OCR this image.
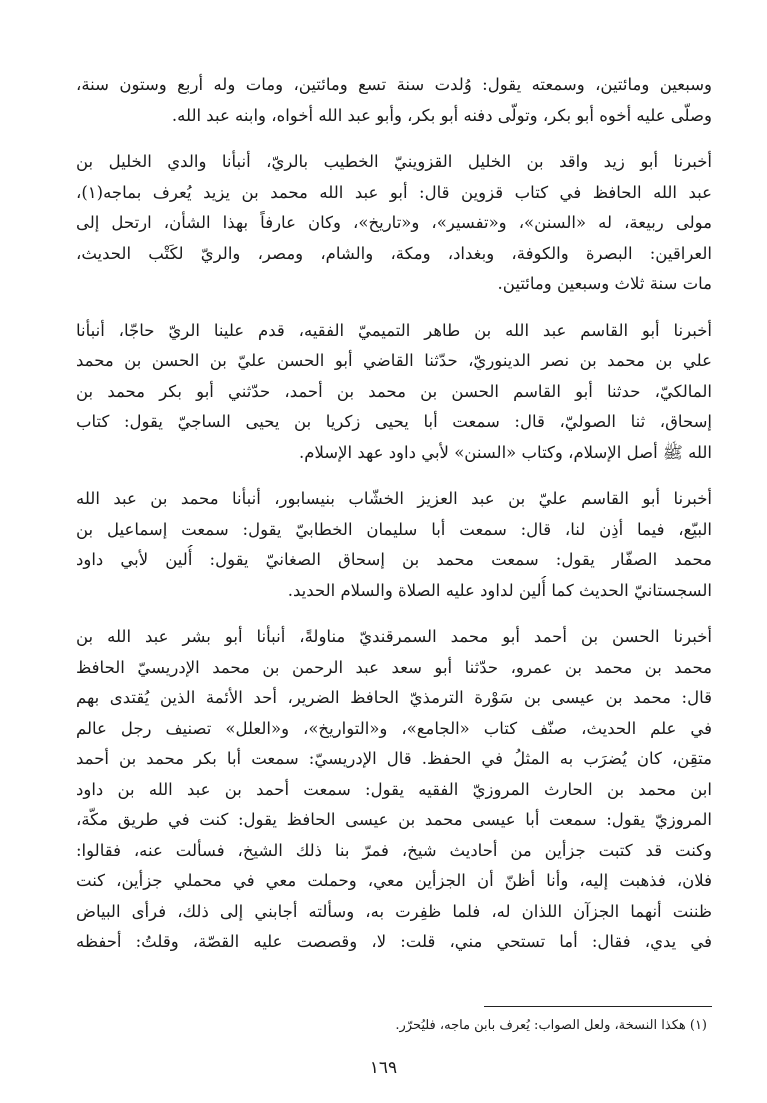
وسبعين ومائتين، وسمعته يقول: وُلدت سنة تسع ومائتين، ومات وله أربع وستون سنة،
وصلّى عليه أخوه أبو بكر، وتولّى دفنه أبو بكر، وأبو عبد الله أخواه، وابنه عبد الله.

أخبرنا أبو زيد واقد بن الخليل القزوينيّ الخطيب بالريّ، أنبأنا والدي الخليل بن
عبد الله الحافظ في كتاب قزوين قال: أبو عبد الله محمد بن يزيد يُعرف بماجه(١)،
مولى ربيعة، له «السنن»، و«تفسير»، و«تاريخ»، وكان عارفاً بهذا الشأن، ارتحل إلى
العراقين: البصرة والكوفة، وبغداد، ومكة، والشام، ومصر، والريّ لكَتْب الحديث،
مات سنة ثلاث وسبعين ومائتين.

أخبرنا أبو القاسم عبد الله بن طاهر التميميّ الفقيه، قدم علينا الريّ حاجّا، أنبأنا
علي بن محمد بن نصر الدينوريّ، حدّثنا القاضي أبو الحسن عليّ بن الحسن بن محمد
المالكيّ، حدثنا أبو القاسم الحسن بن محمد بن أحمد، حدّثني أبو بكر محمد بن
إسحاق، ثنا الصوليّ، قال: سمعت أبا يحيى زكريا بن يحيى الساجيّ يقول: كتاب
الله ﷺ أصل الإسلام، وكتاب «السنن» لأبي داود عهد الإسلام.

أخبرنا أبو القاسم عليّ بن عبد العزيز الخشّاب بنيسابور، أنبأنا محمد بن عبد الله
البيّع، فيما أذِن لنا، قال: سمعت أبا سليمان الخطابيّ يقول: سمعت إسماعيل بن
محمد الصفّار يقول: سمعت محمد بن إسحاق الصغانيّ يقول: أُلين لأبي داود
السجستانيّ الحديث كما أُلين لداود عليه الصلاة والسلام الحديد.

أخبرنا الحسن بن أحمد أبو محمد السمرقنديّ مناولةً، أنبأنا أبو بشر عبد الله بن
محمد بن محمد بن عمرو، حدّثنا أبو سعد عبد الرحمن بن محمد الإدريسيّ الحافظ
قال: محمد بن عيسى بن سَوْرة الترمذيّ الحافظ الضرير، أحد الأئمة الذين يُقتدى بهم
في علم الحديث، صنّف كتاب «الجامع»، و«التواريخ»، و«العلل» تصنيف رجل عالم
متقِن، كان يُضرَب به المثلُ في الحفظ. قال الإدريسيّ: سمعت أبا بكر محمد بن أحمد
ابن محمد بن الحارث المروزيّ الفقيه يقول: سمعت أحمد بن عبد الله بن داود
المروزيّ يقول: سمعت أبا عيسى محمد بن عيسى الحافظ يقول: كنت في طريق مكّة،
وكنت قد كتبت جزأين من أحاديث شيخ، فمرّ بنا ذلك الشيخ، فسألت عنه، فقالوا:
فلان، فذهبت إليه، وأنا أظنّ أن الجزأين معي، وحملت معي في محملي جزأين، كنت
ظننت أنهما الجزآن اللذان له، فلما ظفِرت به، وسألته أجابني إلى ذلك، فرأى البياض
في يدي، فقال: أما تستحي مني، قلت: لا، وقصصت عليه القصّة، وقلتُ: أحفظه

(١) هكذا النسخة، ولعل الصواب: يُعرف بابن ماجه، فليُحرّر.
١٦٩
